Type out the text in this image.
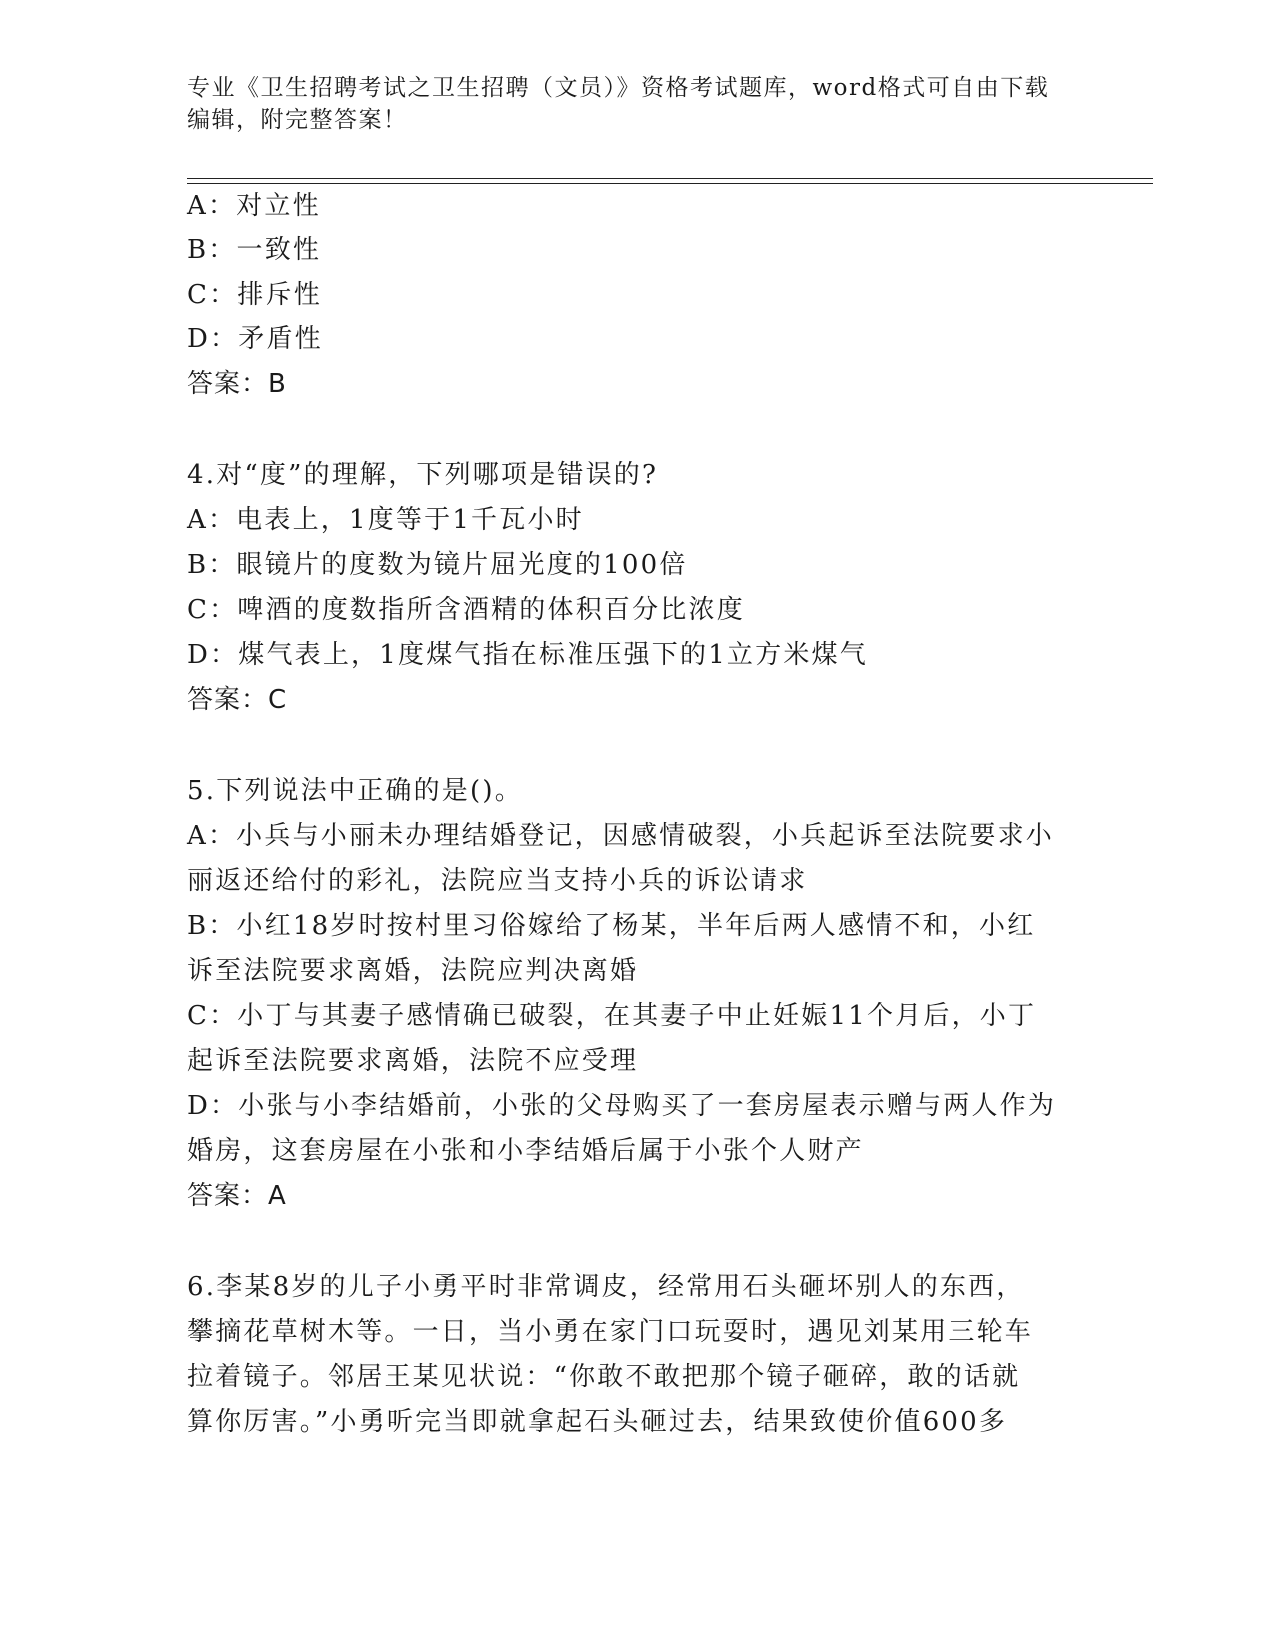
专业《卫生招聘考试之卫生招聘（文员）》资格考试题库，word格式可自由下载
编辑，附完整答案！
A：对立性
B：一致性
C：排斥性
D：矛盾性
答案：B
4.对“度”的理解，下列哪项是错误的?
A：电表上，1度等于1千瓦小时
B：眼镜片的度数为镜片屈光度的100倍
C：啤酒的度数指所含酒精的体积百分比浓度
D：煤气表上，1度煤气指在标准压强下的1立方米煤气
答案：C
5.下列说法中正确的是()。
A：小兵与小丽未办理结婚登记，因感情破裂，小兵起诉至法院要求小
丽返还给付的彩礼，法院应当支持小兵的诉讼请求
B：小红18岁时按村里习俗嫁给了杨某，半年后两人感情不和，小红
诉至法院要求离婚，法院应判决离婚
C：小丁与其妻子感情确已破裂，在其妻子中止妊娠11个月后，小丁
起诉至法院要求离婚，法院不应受理
D：小张与小李结婚前，小张的父母购买了一套房屋表示赠与两人作为
婚房，这套房屋在小张和小李结婚后属于小张个人财产
答案：A
6.李某8岁的儿子小勇平时非常调皮，经常用石头砸坏别人的东西，
攀摘花草树木等。一日，当小勇在家门口玩耍时，遇见刘某用三轮车
拉着镜子。邻居王某见状说：“你敢不敢把那个镜子砸碎，敢的话就
算你厉害。”小勇听完当即就拿起石头砸过去，结果致使价值600多
